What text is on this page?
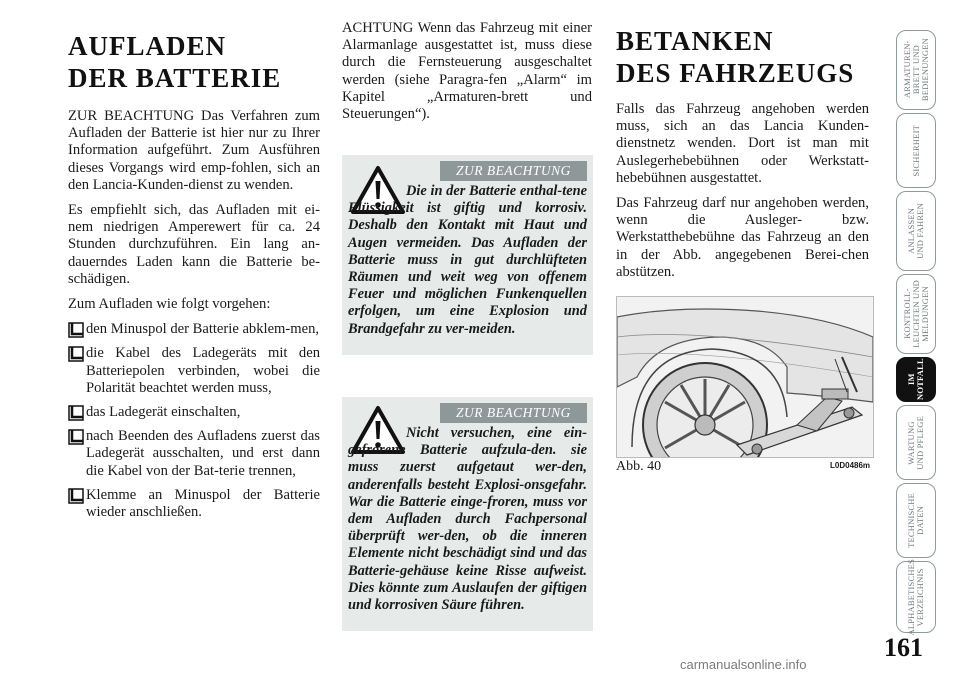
AUFLADEN
DER BATTERIE

ZUR BEACHTUNG Das Verfahren zum Aufladen der Batterie ist hier nur zu Ihrer Information aufgeführt. Zum Ausführen dieses Vorgangs wird emp-fohlen, sich an den Lancia-Kunden-dienst zu wenden.

Es empfiehlt sich, das Aufladen mit ei-nem niedrigen Amperewert für ca. 24 Stunden durchzuführen. Ein lang an-dauerndes Laden kann die Batterie be-schädigen.

Zum Aufladen wie folgt vorgehen:

den Minuspol der Batterie abklem-men,
die Kabel des Ladegeräts mit den Batteriepolen verbinden, wobei die Polarität beachtet werden muss,
das Ladegerät einschalten,
nach Beenden des Aufladens zuerst das Ladegerät ausschalten, und erst dann die Kabel von der Bat-terie trennen,
Klemme an Minuspol der Batterie wieder anschließen.

ACHTUNG Wenn das Fahrzeug mit einer Alarmanlage ausgestattet ist, muss diese durch die Fernsteuerung ausgeschaltet werden (siehe Paragra-fen „Alarm“ im Kapitel „Armaturen-brett und Steuerungen“).

ZUR BEACHTUNG
Die in der Batterie enthal-tene Flüssigkeit ist giftig und korrosiv. Deshalb den Kontakt mit Haut und Augen vermeiden. Das Aufladen der Batterie muss in gut durchlüfteten Räumen und weit weg von offenem Feuer und möglichen Funkenquellen erfolgen, um eine Explosion und Brandgefahr zu ver-meiden.
ZUR BEACHTUNG
Nicht versuchen, eine ein-gefrorene Batterie aufzula-den. sie muss zuerst aufgetaut wer-den, anderenfalls besteht Explosi-onsgefahr. War die Batterie einge-froren, muss vor dem Aufladen durch Fachpersonal überprüft wer-den, ob die inneren Elemente nicht beschädigt sind und das Batterie-gehäuse keine Risse aufweist. Dies könnte zum Auslaufen der giftigen und korrosiven Säure führen.
BETANKEN
DES FAHRZEUGS

Falls das Fahrzeug angehoben werden muss, sich an das Lancia Kunden-dienstnetz wenden. Dort ist man mit Auslegerhebebühnen oder Werkstatt-hebebühnen ausgestattet.

Das Fahrzeug darf nur angehoben werden, wenn die Ausleger- bzw. Werkstatthebebühne das Fahrzeug an den in der Abb. angegebenen Berei-chen abstützen.

Abb. 40	L0D0486m
ARMATUREN-
BRETT UND
BEDIENUNGEN
SICHERHEIT
ANLASSEN
UND FAHREN
KONTROLL-
LEUCHTEN UND
MELDUNGEN
IM NOTFALL
WARTUNG
UND PFLEGE
TECHNISCHE
DATEN
ALPHABETISCHES
VERZEICHNIS
161
carmanualsonline.info
